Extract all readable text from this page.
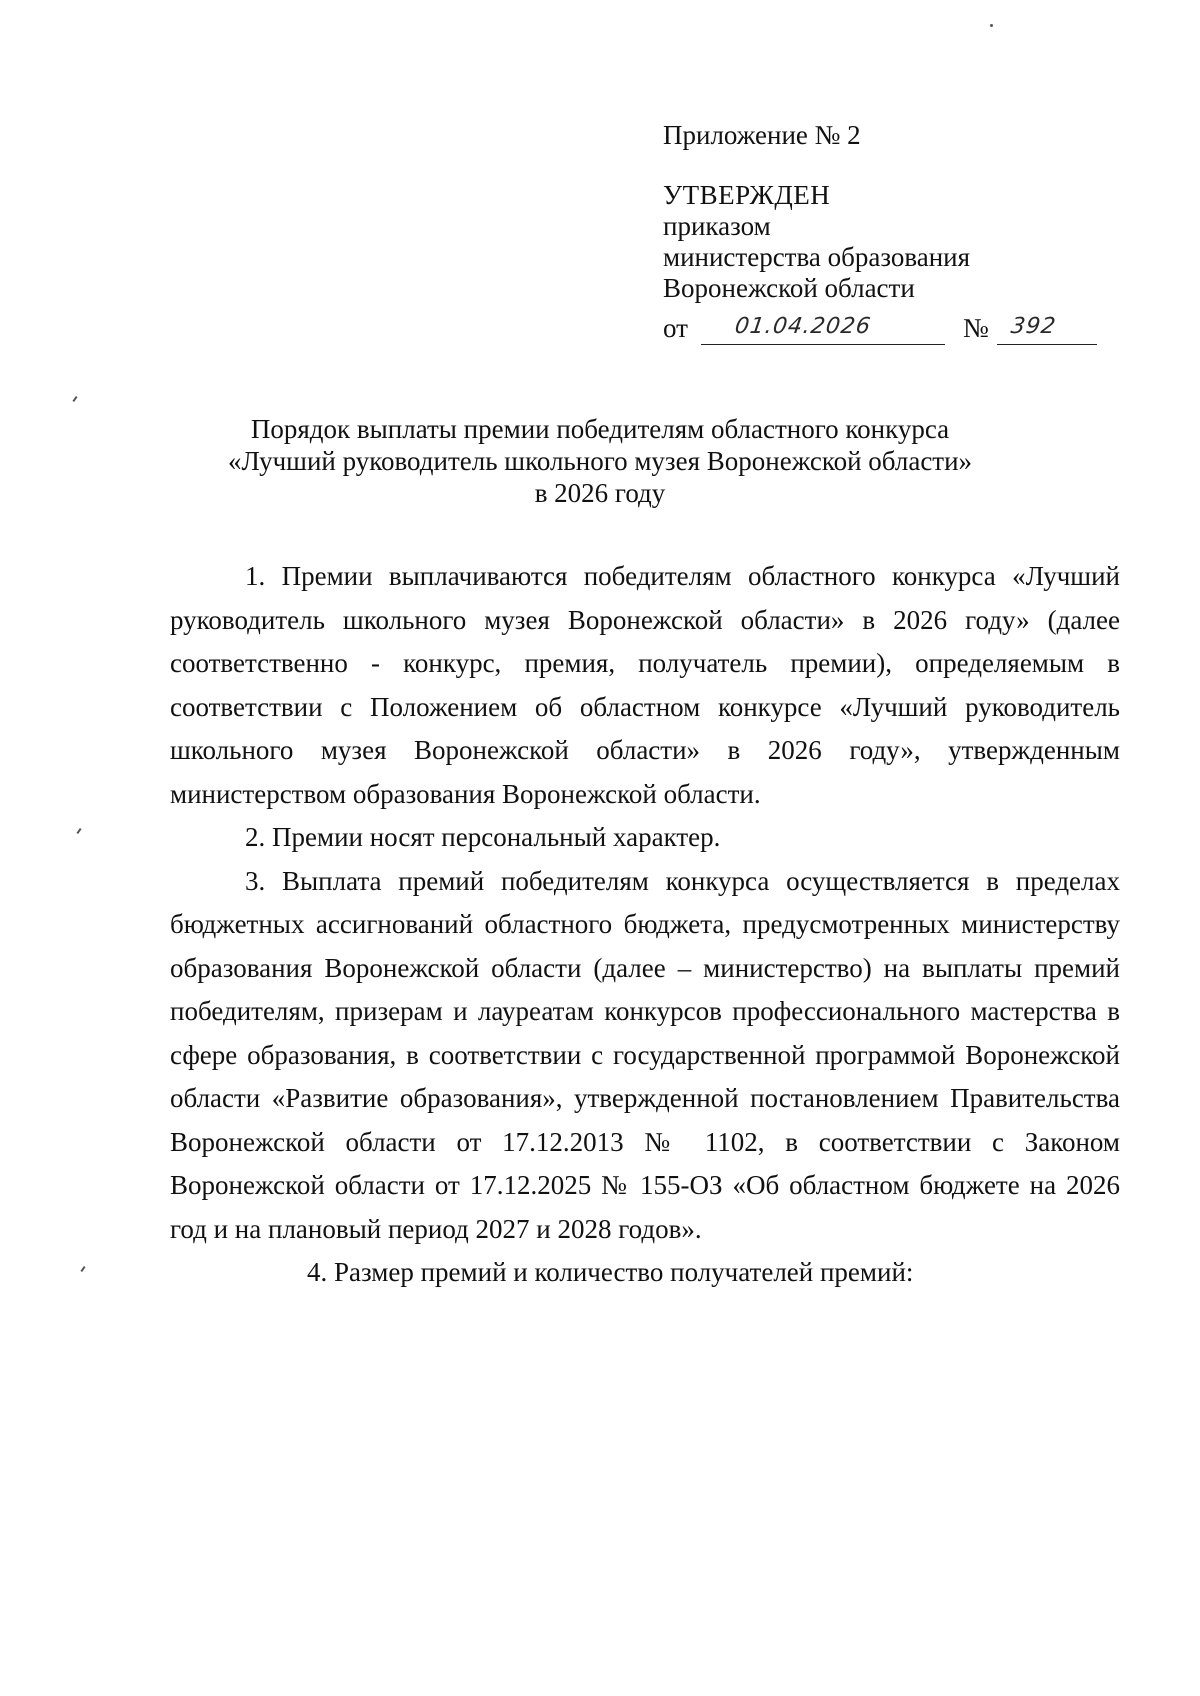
Приложение № 2
УТВЕРЖДЕН
приказом
министерства образования
Воронежской области
от 01.04.2026	№ 392
Порядок выплаты премии победителям областного конкурса
«Лучший руководитель школьного музея Воронежской области»
в 2026 году

1. Премии выплачиваются победителям областного конкурса «Лучший руководитель школьного музея Воронежской области» в 2026 году» (далее соответственно - конкурс, премия, получатель премии), определяемым в соответствии с Положением об областном конкурсе «Лучший руководитель школьного музея Воронежской области» в 2026 году», утвержденным министерством образования Воронежской области.

2. Премии носят персональный характер.

3. Выплата премий победителям конкурса осуществляется в пределах бюджетных ассигнований областного бюджета, предусмотренных министерству образования Воронежской области (далее – министерство) на выплаты премий победителям, призерам и лауреатам конкурсов профессионального мастерства в сфере образования, в соответствии с государственной программой Воронежской области «Развитие образования», утвержденной постановлением Правительства Воронежской области от 17.12.2013 № 1102, в соответствии с Законом Воронежской области от 17.12.2025 № 155-ОЗ «Об областном бюджете на 2026 год и на плановый период 2027 и 2028 годов».

4. Размер премий и количество получателей премий:
